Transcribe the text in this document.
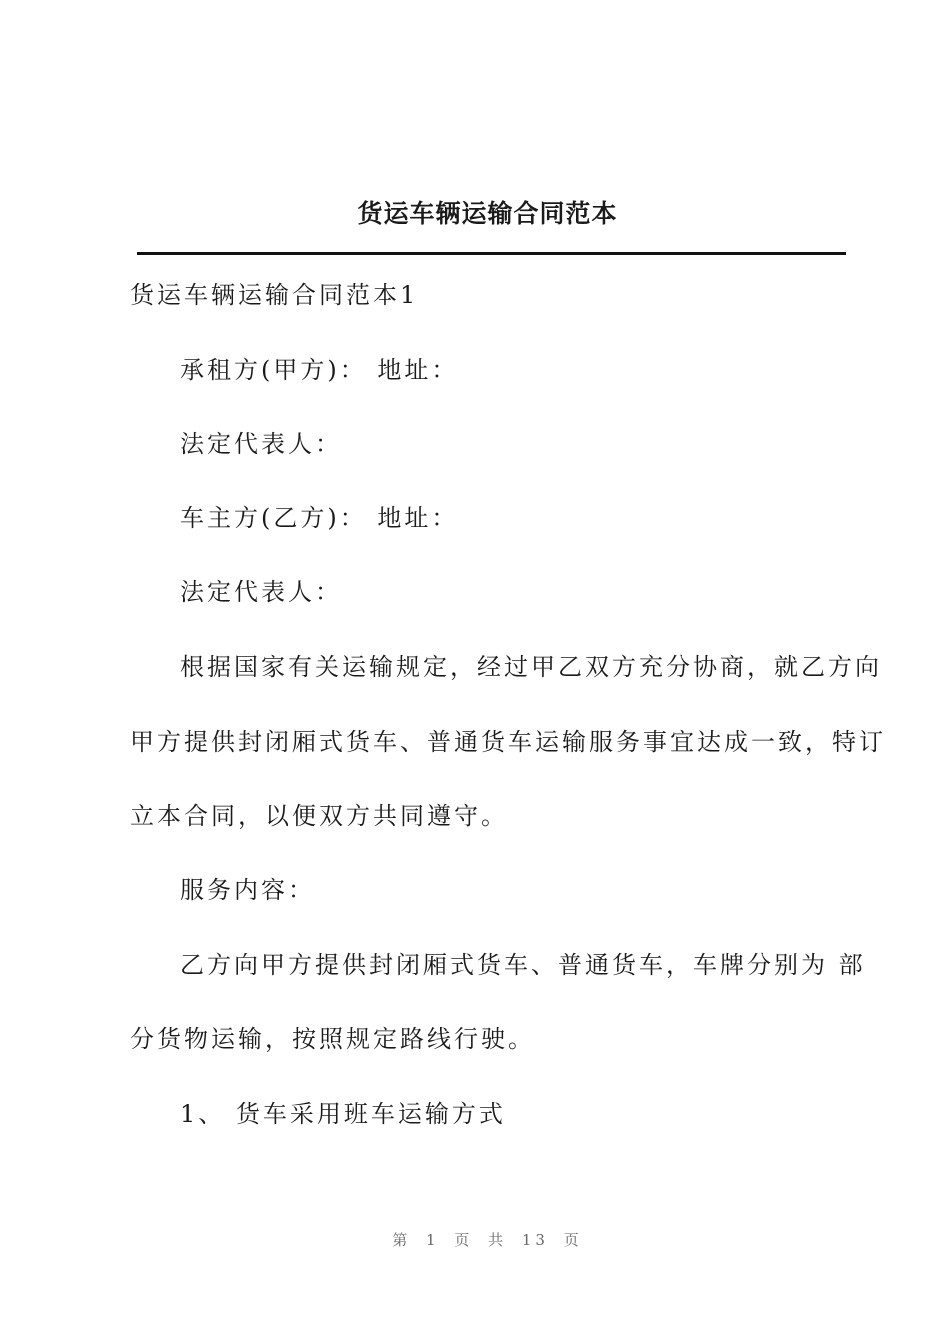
货运车辆运输合同范本
货运车辆运输合同范本1
承租方(甲方)： 地址：
法定代表人：
车主方(乙方)： 地址：
法定代表人：
根据国家有关运输规定，经过甲乙双方充分协商，就乙方向
甲方提供封闭厢式货车、普通货车运输服务事宜达成一致，特订
立本合同，以便双方共同遵守。
服务内容：
乙方向甲方提供封闭厢式货车、普通货车，车牌分别为 部
分货物运输，按照规定路线行驶。
1、 货车采用班车运输方式
第 1 页 共 13 页
